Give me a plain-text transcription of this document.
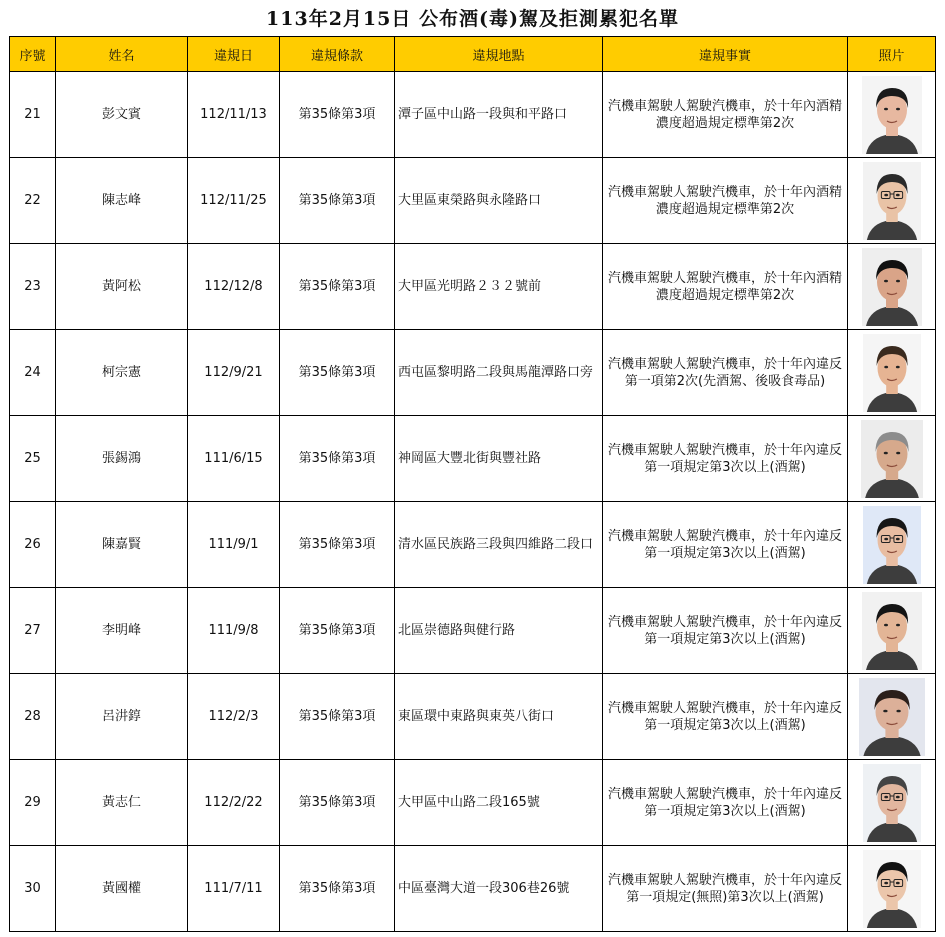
113年2月15日 公布酒(毒)駕及拒測累犯名單
序號	姓名	違規日	違規條款	違規地點	違規事實	照片
21	彭文賓	112/11/13	第35條第3項	潭子區中山路一段與和平路口	汽機車駕駛人駕駛汽機車，於十年內酒精濃度超過規定標準第2次	

22	陳志峰	112/11/25	第35條第3項	大里區東榮路與永隆路口	汽機車駕駛人駕駛汽機車，於十年內酒精濃度超過規定標準第2次	

23	黃阿松	112/12/8	第35條第3項	大甲區光明路２３２號前	汽機車駕駛人駕駛汽機車，於十年內酒精濃度超過規定標準第2次	

24	柯宗憲	112/9/21	第35條第3項	西屯區黎明路二段與馬龍潭路口旁	汽機車駕駛人駕駛汽機車，於十年內違反第一項第2次(先酒駕、後吸食毒品)	

25	張錫鴻	111/6/15	第35條第3項	神岡區大豐北街與豐社路	汽機車駕駛人駕駛汽機車，於十年內違反第一項規定第3次以上(酒駕)	

26	陳嘉賢	111/9/1	第35條第3項	清水區民族路三段與四維路二段口	汽機車駕駛人駕駛汽機車，於十年內違反第一項規定第3次以上(酒駕)	

27	李明峰	111/9/8	第35條第3項	北區崇德路與健行路	汽機車駕駛人駕駛汽機車，於十年內違反第一項規定第3次以上(酒駕)	

28	呂汫錞	112/2/3	第35條第3項	東區環中東路與東英八街口	汽機車駕駛人駕駛汽機車，於十年內違反第一項規定第3次以上(酒駕)	

29	黃志仁	112/2/22	第35條第3項	大甲區中山路二段165號	汽機車駕駛人駕駛汽機車，於十年內違反第一項規定第3次以上(酒駕)	

30	黃國權	111/7/11	第35條第3項	中區臺灣大道一段306巷26號	汽機車駕駛人駕駛汽機車，於十年內違反第一項規定(無照)第3次以上(酒駕)	
